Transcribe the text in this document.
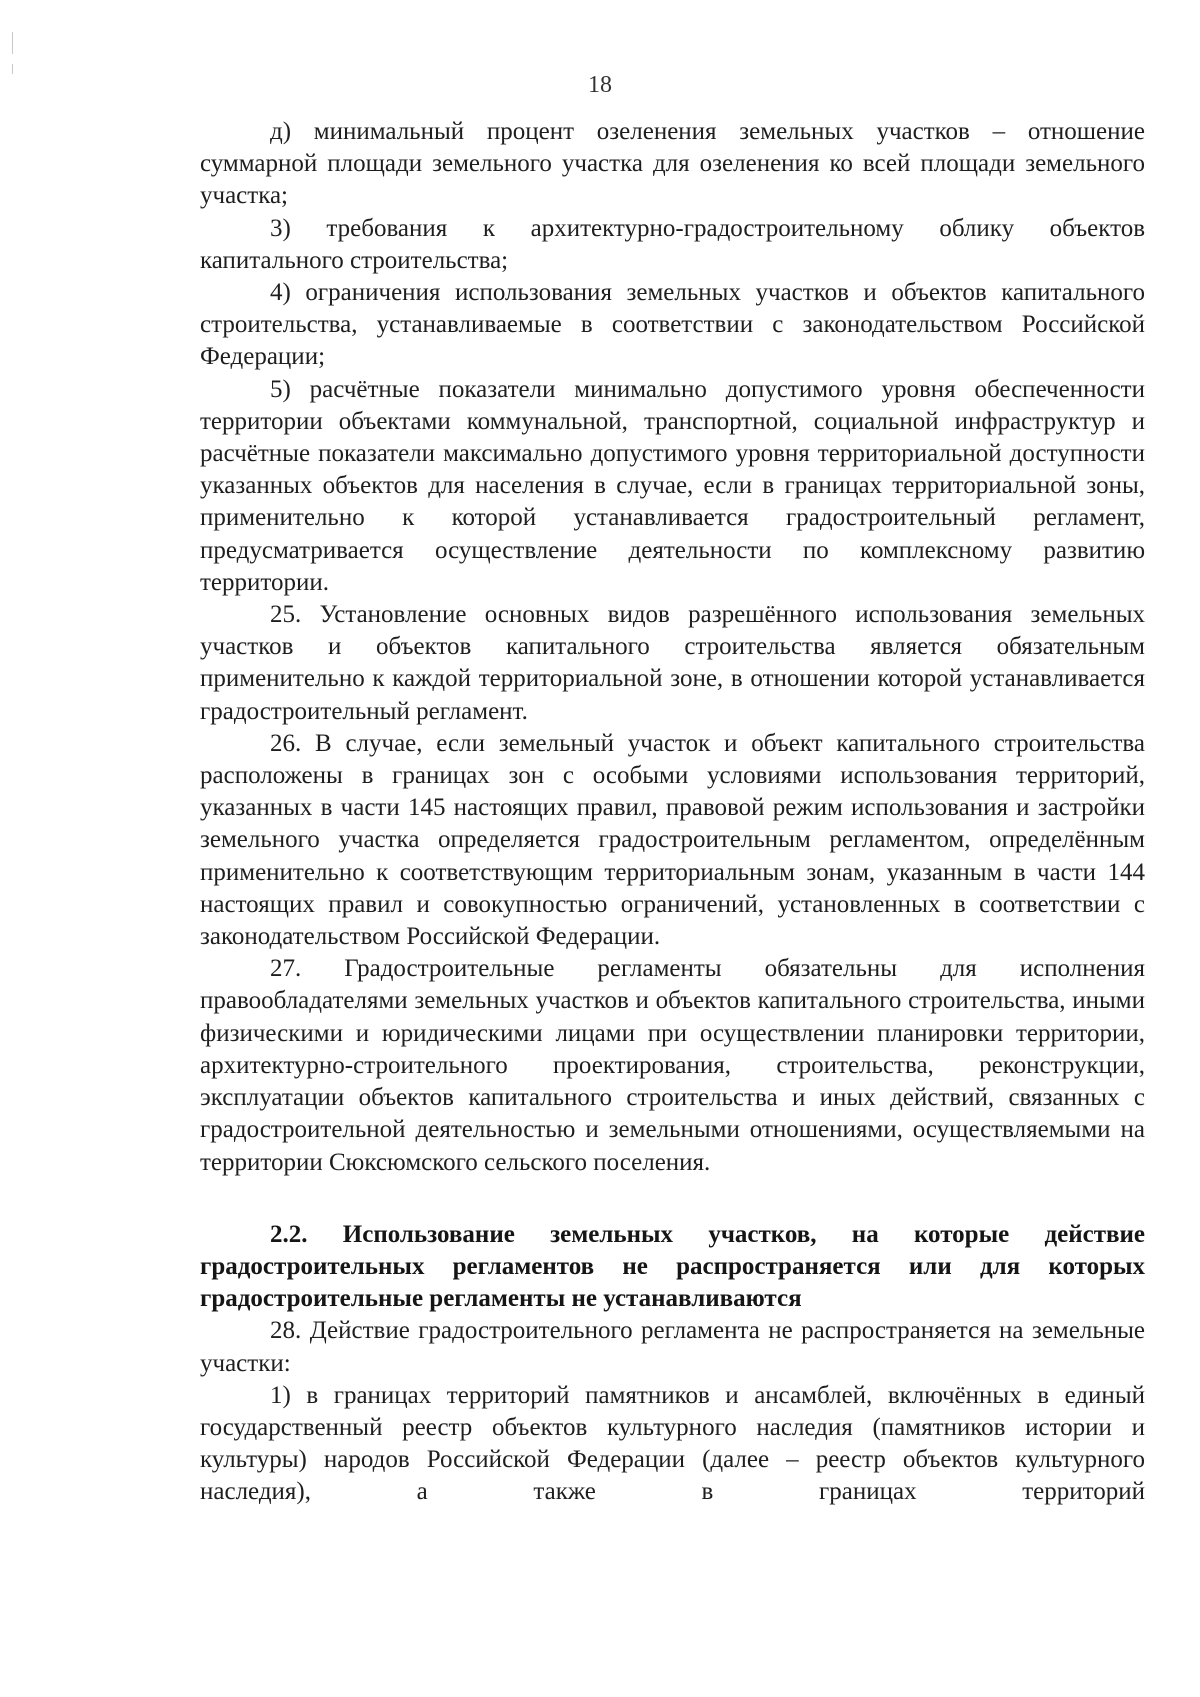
18

д) минимальный процент озеленения земельных участков – отношение суммарной площади земельного участка для озеленения ко всей площади земельного участка;

3) требования к архитектурно-градостроительному облику объектов капитального строительства;

4) ограничения использования земельных участков и объектов капитального строительства, устанавливаемые в соответствии с законодательством Российской Федерации;

5) расчётные показатели минимально допустимого уровня обеспеченности территории объектами коммунальной, транспортной, социальной инфраструктур и расчётные показатели максимально допустимого уровня территориальной доступности указанных объектов для населения в случае, если в границах территориальной зоны, применительно к которой устанавливается градостроительный регламент, предусматривается осуществление деятельности по комплексному развитию территории.

25. Установление основных видов разрешённого использования земельных участков и объектов капитального строительства является обязательным применительно к каждой территориальной зоне, в отношении которой устанавливается градостроительный регламент.

26. В случае, если земельный участок и объект капитального строительства расположены в границах зон с особыми условиями использования территорий, указанных в части 145 настоящих правил, правовой режим использования и застройки земельного участка определяется градостроительным регламентом, определённым применительно к соответствующим территориальным зонам, указанным в части 144 настоящих правил и совокупностью ограничений, установленных в соответствии с законодательством Российской Федерации.

27. Градостроительные регламенты обязательны для исполнения правообладателями земельных участков и объектов капитального строительства, иными физическими и юридическими лицами при осуществлении планировки территории, архитектурно-строительного проектирования, строительства, реконструкции, эксплуатации объектов капитального строительства и иных действий, связанных с градостроительной деятельностью и земельными отношениями, осуществляемыми на территории Сюксюмского сельского поселения.

2.2. Использование земельных участков, на которые действие градостроительных регламентов не распространяется или для которых градостроительные регламенты не устанавливаются

28. Действие градостроительного регламента не распространяется на земельные участки:

1) в границах территорий памятников и ансамблей, включённых в единый государственный реестр объектов культурного наследия (памятников истории и культуры) народов Российской Федерации (далее – реестр объектов культурного наследия), а также в границах территорий
